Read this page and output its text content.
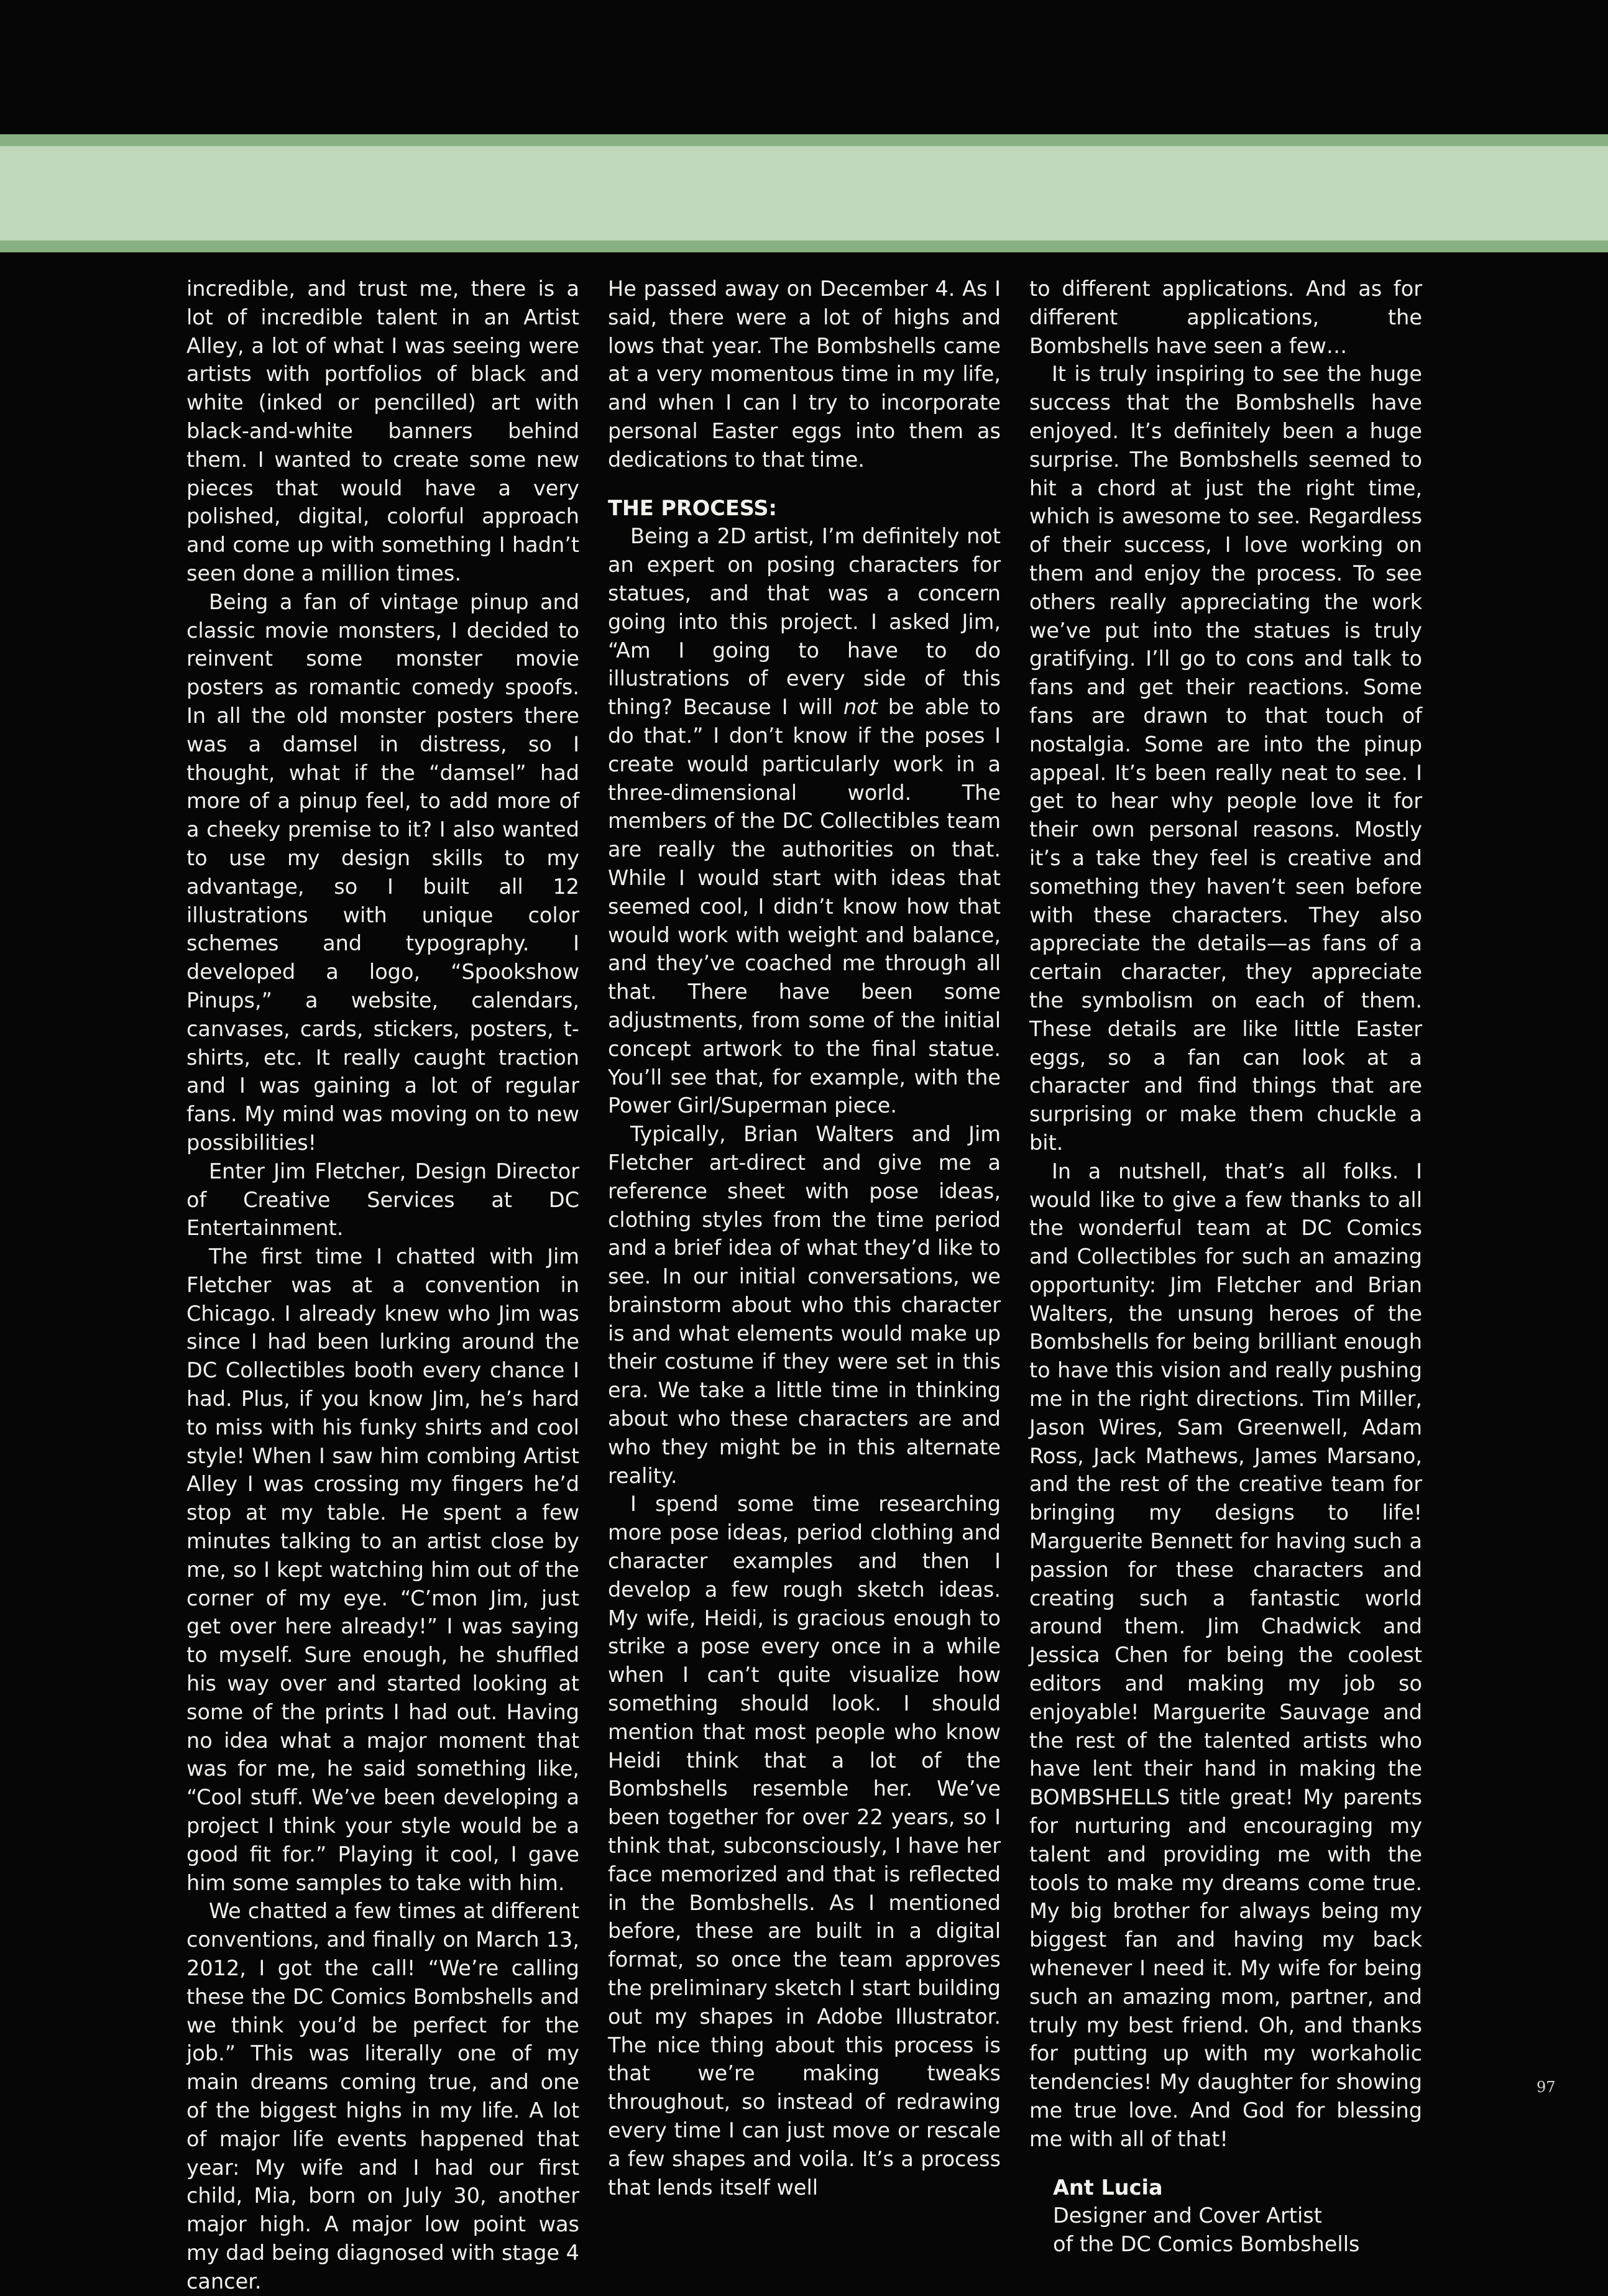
incredible, and trust me, there is a lot of incredible talent in an Artist Alley, a lot of what I was seeing were artists with portfolios of black and white (inked or pencilled) art with black-and-white banners behind them. I wanted to create some new pieces that would have a very polished, digital, colorful approach and come up with something I hadn’t seen done a million times.

Being a fan of vintage pinup and classic movie monsters, I decided to reinvent some monster movie posters as romantic comedy spoofs. In all the old monster posters there was a damsel in distress, so I thought, what if the “damsel” had more of a pinup feel, to add more of a cheeky premise to it? I also wanted to use my design skills to my advantage, so I built all 12 illustrations with unique color schemes and typography. I developed a logo, “Spookshow Pinups,” a website, calendars, canvases, cards, stickers, posters, t-shirts, etc. It really caught traction and I was gaining a lot of regular fans. My mind was moving on to new possibilities!

Enter Jim Fletcher, Design Director of Creative Services at DC Entertainment.

The first time I chatted with Jim Fletcher was at a convention in Chicago. I already knew who Jim was since I had been lurking around the DC Collectibles booth every chance I had. Plus, if you know Jim, he’s hard to miss with his funky shirts and cool style! When I saw him combing Artist Alley I was crossing my fingers he’d stop at my table. He spent a few minutes talking to an artist close by me, so I kept watching him out of the corner of my eye. “C’mon Jim, just get over here already!” I was saying to myself. Sure enough, he shuffled his way over and started looking at some of the prints I had out. Having no idea what a major moment that was for me, he said something like, “Cool stuff. We’ve been developing a project I think your style would be a good fit for.” Playing it cool, I gave him some samples to take with him.

We chatted a few times at different conventions, and finally on March 13, 2012, I got the call! “We’re calling these the DC Comics Bombshells and we think you’d be perfect for the job.” This was literally one of my main dreams coming true, and one of the biggest highs in my life. A lot of major life events happened that year: My wife and I had our first child, Mia, born on July 30, another major high. A major low point was my dad being diagnosed with stage 4 cancer.

He passed away on December 4. As I said, there were a lot of highs and lows that year. The Bombshells came at a very momentous time in my life, and when I can I try to incorporate personal Easter eggs into them as dedications to that time.

THE PROCESS:

Being a 2D artist, I’m definitely not an expert on posing characters for statues, and that was a concern going into this project. I asked Jim, “Am I going to have to do illustrations of every side of this thing? Because I will not be able to do that.” I don’t know if the poses I create would particularly work in a three-dimensional world. The members of the DC Collectibles team are really the authorities on that. While I would start with ideas that seemed cool, I didn’t know how that would work with weight and balance, and they’ve coached me through all that. There have been some adjustments, from some of the initial concept artwork to the final statue. You’ll see that, for example, with the Power Girl/Superman piece.

Typically, Brian Walters and Jim Fletcher art-direct and give me a reference sheet with pose ideas, clothing styles from the time period and a brief idea of what they’d like to see. In our initial conversations, we brainstorm about who this character is and what elements would make up their costume if they were set in this era. We take a little time in thinking about who these characters are and who they might be in this alternate reality.

I spend some time researching more pose ideas, period clothing and character examples and then I develop a few rough sketch ideas. My wife, Heidi, is gracious enough to strike a pose every once in a while when I can’t quite visualize how something should look. I should mention that most people who know Heidi think that a lot of the Bombshells resemble her. We’ve been together for over 22 years, so I think that, subconsciously, I have her face memorized and that is reflected in the Bombshells. As I mentioned before, these are built in a digital format, so once the team approves the preliminary sketch I start building out my shapes in Adobe Illustrator. The nice thing about this process is that we’re making tweaks throughout, so instead of redrawing every time I can just move or rescale a few shapes and voila. It’s a process that lends itself well

to different applications. And as for different applications, the Bombshells have seen a few…

It is truly inspiring to see the huge success that the Bombshells have enjoyed. It’s definitely been a huge surprise. The Bombshells seemed to hit a chord at just the right time, which is awesome to see. Regardless of their success, I love working on them and enjoy the process. To see others really appreciating the work we’ve put into the statues is truly gratifying. I’ll go to cons and talk to fans and get their reactions. Some fans are drawn to that touch of nostalgia. Some are into the pinup appeal. It’s been really neat to see. I get to hear why people love it for their own personal reasons. Mostly it’s a take they feel is creative and something they haven’t seen before with these characters. They also appreciate the details—as fans of a certain character, they appreciate the symbolism on each of them. These details are like little Easter eggs, so a fan can look at a character and find things that are surprising or make them chuckle a bit.

In a nutshell, that’s all folks. I would like to give a few thanks to all the wonderful team at DC Comics and Collectibles for such an amazing opportunity: Jim Fletcher and Brian Walters, the unsung heroes of the Bombshells for being brilliant enough to have this vision and really pushing me in the right directions. Tim Miller, Jason Wires, Sam Greenwell, Adam Ross, Jack Mathews, James Marsano, and the rest of the creative team for bringing my designs to life! Marguerite Bennett for having such a passion for these characters and creating such a fantastic world around them. Jim Chadwick and Jessica Chen for being the coolest editors and making my job so enjoyable! Marguerite Sauvage and the rest of the talented artists who have lent their hand in making the BOMBSHELLS title great! My parents for nurturing and encouraging my talent and providing me with the tools to make my dreams come true. My big brother for always being my biggest fan and having my back whenever I need it. My wife for being such an amazing mom, partner, and truly my best friend. Oh, and thanks for putting up with my workaholic tendencies! My daughter for showing me true love. And God for blessing me with all of that!

Ant Lucia
Designer and Cover Artist
of the DC Comics Bombshells
97
